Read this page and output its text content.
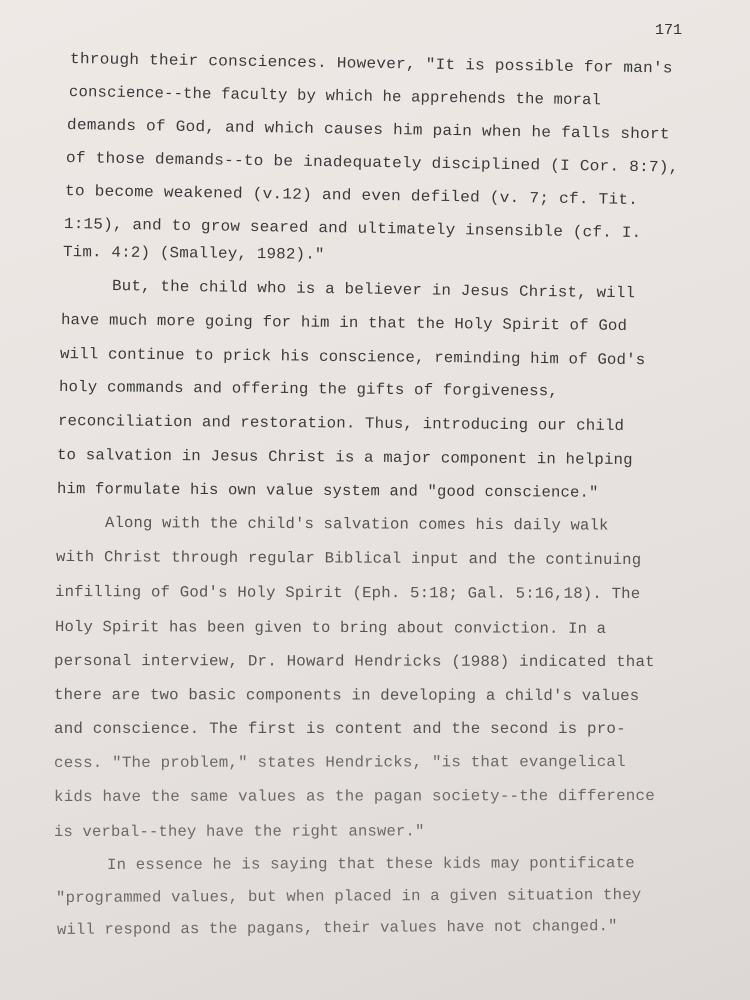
171
through their consciences. However, "It is possible for man's
conscience--the faculty by which he apprehends the moral
demands of God, and which causes him pain when he falls short
of those demands--to be inadequately disciplined (I Cor. 8:7),
to become weakened (v.12) and even defiled (v. 7; cf. Tit.
1:15), and to grow seared and ultimately insensible (cf. I.
Tim. 4:2) (Smalley, 1982)."
But, the child who is a believer in Jesus Christ, will
have much more going for him in that the Holy Spirit of God
will continue to prick his conscience, reminding him of God's
holy commands and offering the gifts of forgiveness,
reconciliation and restoration. Thus, introducing our child
to salvation in Jesus Christ is a major component in helping
him formulate his own value system and "good conscience."
Along with the child's salvation comes his daily walk
with Christ through regular Biblical input and the continuing
infilling of God's Holy Spirit (Eph. 5:18; Gal. 5:16,18). The
Holy Spirit has been given to bring about conviction. In a
personal interview, Dr. Howard Hendricks (1988) indicated that
there are two basic components in developing a child's values
and conscience. The first is content and the second is pro-
cess. "The problem," states Hendricks, "is that evangelical
kids have the same values as the pagan society--the difference
is verbal--they have the right answer."
In essence he is saying that these kids may pontificate
"programmed values, but when placed in a given situation they
will respond as the pagans, their values have not changed."
